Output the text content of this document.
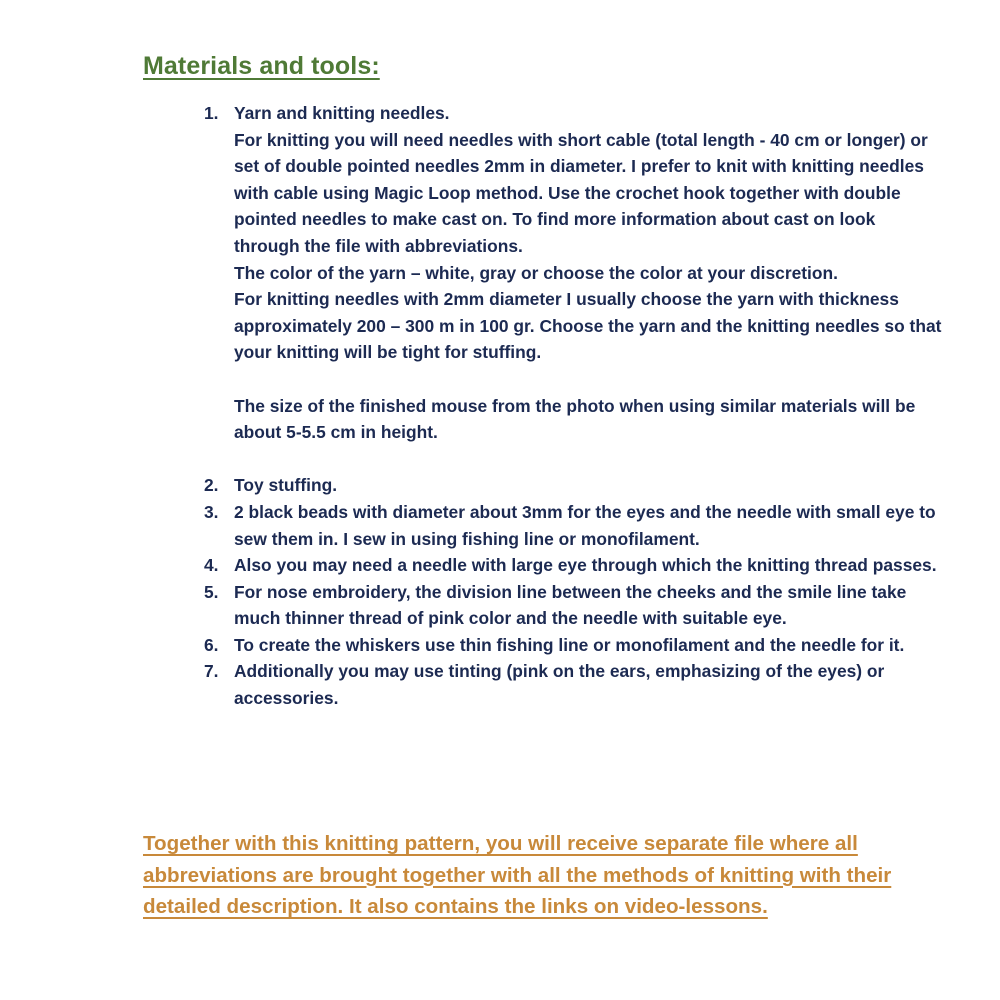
Materials and tools:
1. Yarn and knitting needles.

For knitting you will need needles with short cable (total length - 40 cm or longer) or set of double pointed needles 2mm in diameter. I prefer to knit with knitting needles with cable using Magic Loop method. Use the crochet hook together with double pointed needles to make cast on. To find more information about cast on look through the file with abbreviations.

The color of the yarn – white, gray or choose the color at your discretion.

For knitting needles with 2mm diameter I usually choose the yarn with thickness approximately 200 – 300 m in 100 gr. Choose the yarn and the knitting needles so that your knitting will be tight for stuffing.

The size of the finished mouse from the photo when using similar materials will be about 5-5.5 cm in height.

2. Toy stuffing.

3. 2 black beads with diameter about 3mm for the eyes and the needle with small eye to sew them in. I sew in using fishing line or monofilament.

4. Also you may need a needle with large eye through which the knitting thread passes.

5. For nose embroidery, the division line between the cheeks and the smile line take much thinner thread of pink color and the needle with suitable eye.

6. To create the whiskers use thin fishing line or monofilament and the needle for it.

7. Additionally you may use tinting (pink on the ears, emphasizing of the eyes) or accessories.

Together with this knitting pattern, you will receive separate file where all abbreviations are brought together with all the methods of knitting with their detailed description. It also contains the links on video-lessons.
